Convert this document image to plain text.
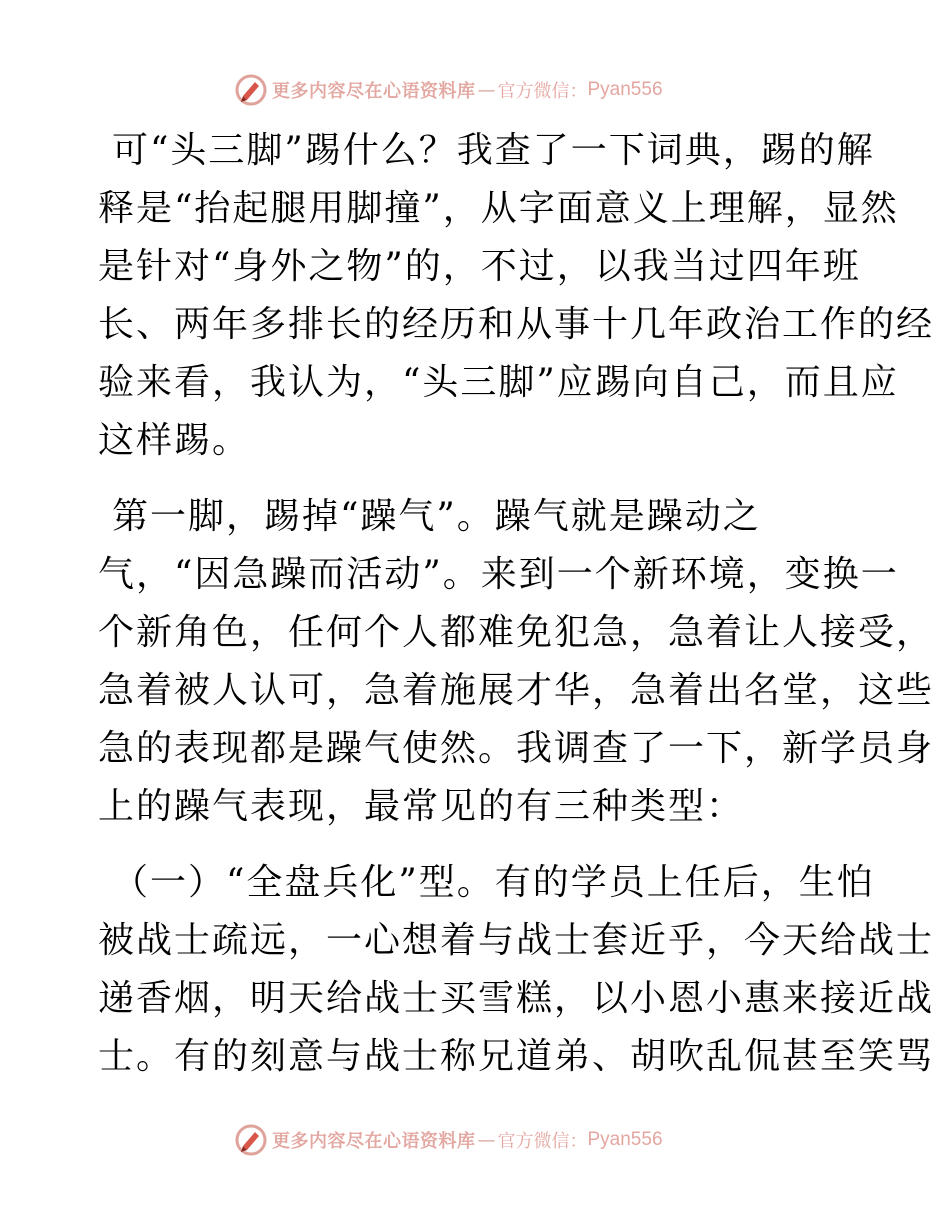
更多内容尽在心语资料库 — 官方微信： Pyan556
可“头三脚”踢什么？我查了一下词典，踢的解
释是“抬起腿用脚撞”，从字面意义上理解，显然
是针对“身外之物”的，不过，以我当过四年班
长、两年多排长的经历和从事十几年政治工作的经
验来看，我认为，“头三脚”应踢向自己，而且应
这样踢。
第一脚，踢掉“躁气”。躁气就是躁动之
气，“因急躁而活动”。来到一个新环境，变换一
个新角色，任何个人都难免犯急，急着让人接受，
急着被人认可，急着施展才华，急着出名堂，这些
急的表现都是躁气使然。我调查了一下，新学员身
上的躁气表现，最常见的有三种类型：
（一）“全盘兵化”型。有的学员上任后，生怕
被战士疏远，一心想着与战士套近乎，今天给战士
递香烟，明天给战士买雪糕，以小恩小惠来接近战
士。有的刻意与战士称兄道弟、胡吹乱侃甚至笑骂
更多内容尽在心语资料库 — 官方微信： Pyan556
